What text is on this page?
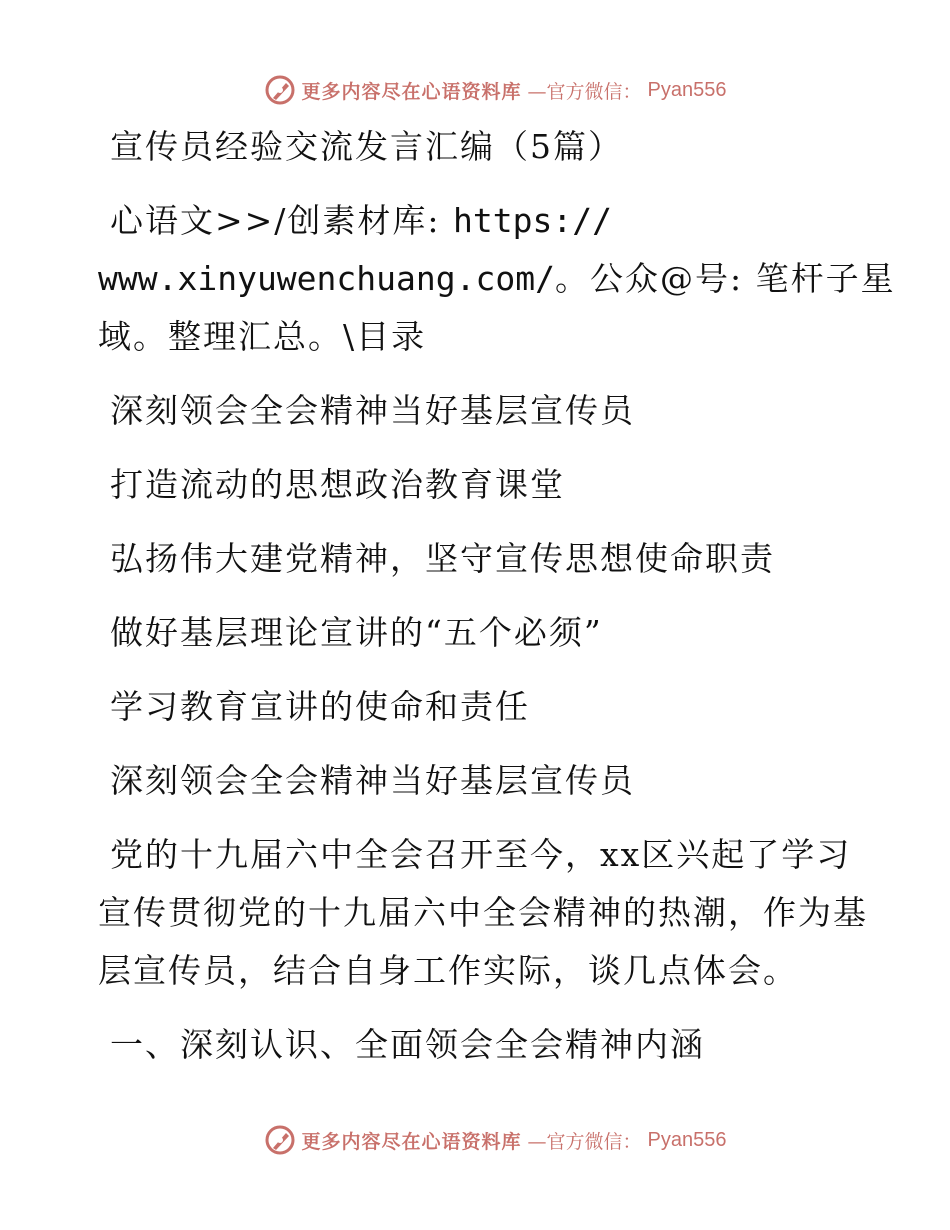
更多内容尽在心语资料库 —官方微信： Pyan556
宣传员经验交流发言汇编（5篇）
心语文>>/创素材库: https://
www.xinyuwenchuang.com/。公众@号: 笔杆子星
域。整理汇总。\目录
深刻领会全会精神当好基层宣传员
打造流动的思想政治教育课堂
弘扬伟大建党精神，坚守宣传思想使命职责
做好基层理论宣讲的“五个必须”
学习教育宣讲的使命和责任
深刻领会全会精神当好基层宣传员
党的十九届六中全会召开至今，xx区兴起了学习
宣传贯彻党的十九届六中全会精神的热潮，作为基
层宣传员，结合自身工作实际，谈几点体会。
一、深刻认识、全面领会全会精神内涵
更多内容尽在心语资料库 —官方微信： Pyan556
